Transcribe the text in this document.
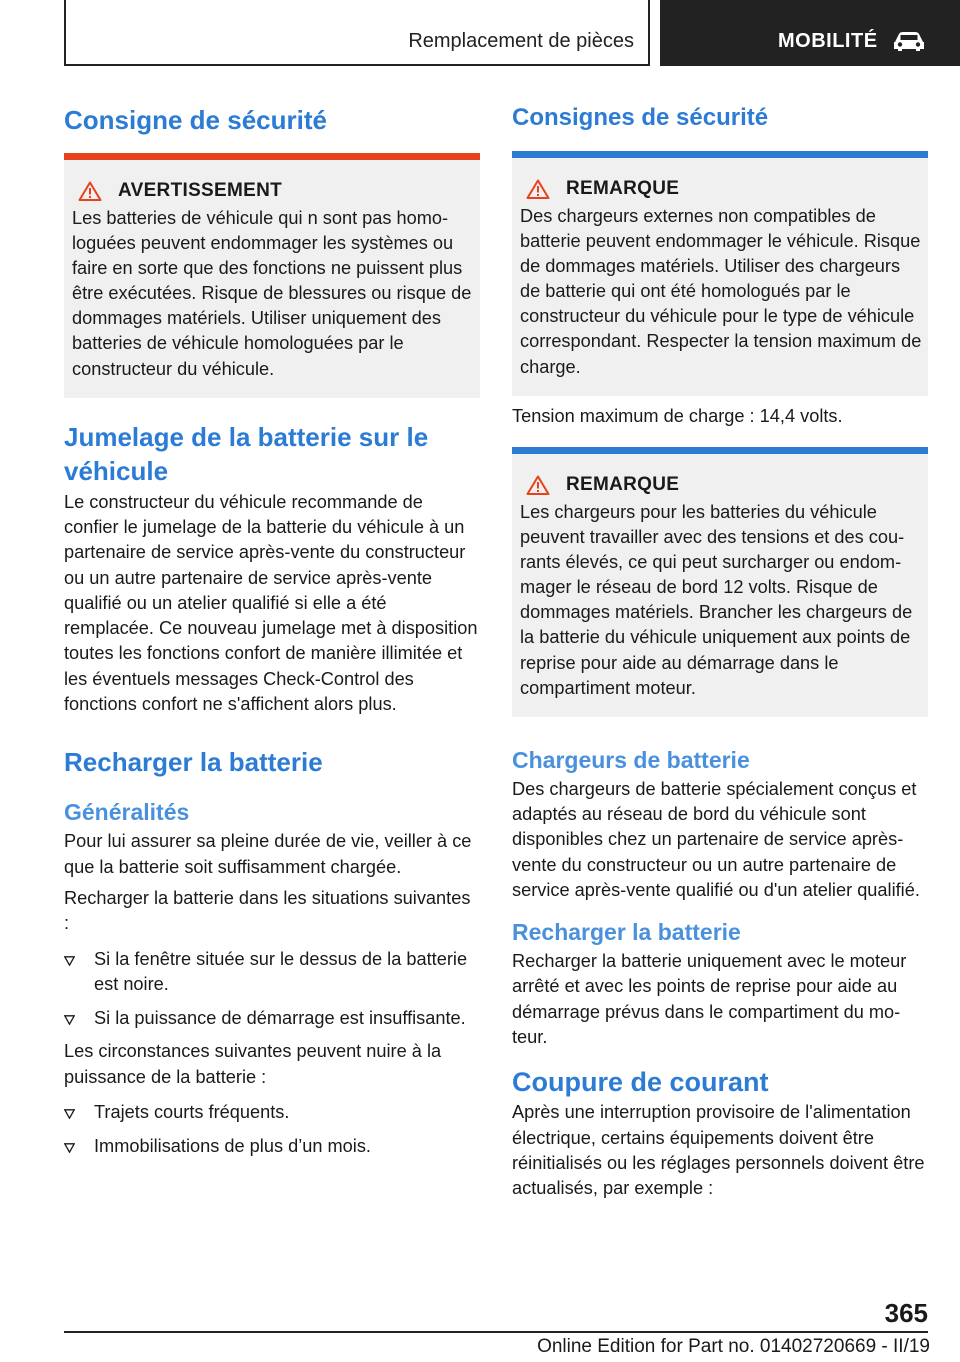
Remplacement de pièces	MOBILITÉ
Consigne de sécurité
AVERTISSEMENT

Les batteries de véhicule qui n sont pas homologuées peuvent endommager les systèmes ou faire en sorte que des fonctions ne puissent plus être exécutées. Risque de blessures ou risque de dommages matériels. Utiliser uniquement des batteries de véhicule homologuées par le constructeur du véhicule.

Jumelage de la batterie sur le véhicule

Le constructeur du véhicule recommande de confier le jumelage de la batterie du véhicule à un partenaire de service après-vente du constructeur ou un autre partenaire de service après-vente qualifié ou un atelier qualifié si elle a été remplacée. Ce nouveau jumelage met à disposition toutes les fonctions confort de manière illimitée et les éventuels messages Check-Control des fonctions confort ne s'affichent alors plus.

Recharger la batterie
Généralités

Pour lui assurer sa pleine durée de vie, veiller à ce que la batterie soit suffisamment chargée.

Recharger la batterie dans les situations suivantes :

Si la fenêtre située sur le dessus de la batterie est noire.
Si la puissance de démarrage est insuffisante.

Les circonstances suivantes peuvent nuire à la puissance de la batterie :

Trajets courts fréquents.
Immobilisations de plus d’un mois.
Consignes de sécurité
REMARQUE

Des chargeurs externes non compatibles de batterie peuvent endommager le véhicule. Risque de dommages matériels. Utiliser des chargeurs de batterie qui ont été homologués par le constructeur du véhicule pour le type de véhicule correspondant. Respecter la tension maximum de charge.

Tension maximum de charge : 14,4 volts.

REMARQUE

Les chargeurs pour les batteries du véhicule peuvent travailler avec des tensions et des courants élevés, ce qui peut surcharger ou endommager le réseau de bord 12 volts. Risque de dommages matériels. Brancher les chargeurs de la batterie du véhicule uniquement aux points de reprise pour aide au démarrage dans le compartiment moteur.

Chargeurs de batterie

Des chargeurs de batterie spécialement conçus et adaptés au réseau de bord du véhicule sont disponibles chez un partenaire de service après-vente du constructeur ou un autre partenaire de service après-vente qualifié ou d'un atelier qualifié.

Recharger la batterie

Recharger la batterie uniquement avec le moteur arrêté et avec les points de reprise pour aide au démarrage prévus dans le compartiment du moteur.

Coupure de courant

Après une interruption provisoire de l'alimentation électrique, certains équipements doivent être réinitialisés ou les réglages personnels doivent être actualisés, par exemple :

365
Online Edition for Part no. 01402720669 - II/19
